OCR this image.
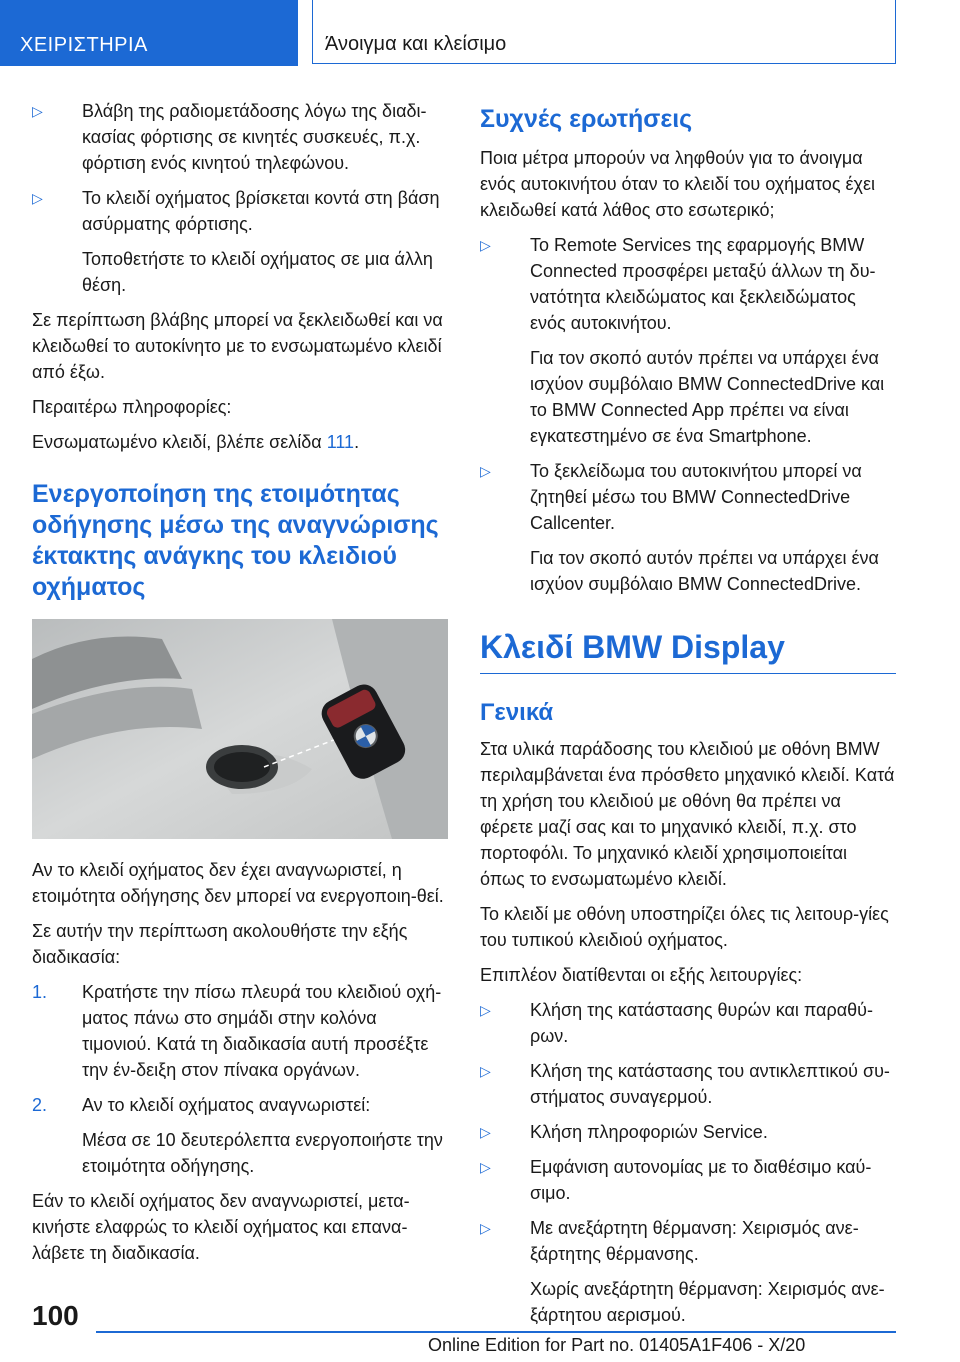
ΧΕΙΡΙΣΤΗΡΙΑ	Άνοιγμα και κλείσιμο
▷ Βλάβη της ραδιομετάδοσης λόγω της διαδι-κασίας φόρτισης σε κινητές συσκευές, π.χ. φόρτιση ενός κινητού τηλεφώνου.
▷ Το κλειδί οχήματος βρίσκεται κοντά στη βάση ασύρματης φόρτισης.
Τοποθετήστε το κλειδί οχήματος σε μια άλλη θέση.

Σε περίπτωση βλάβης μπορεί να ξεκλειδωθεί και να κλειδωθεί το αυτοκίνητο με το ενσωματωμένο κλειδί από έξω.

Περαιτέρω πληροφορίες:

Ενσωματωμένο κλειδί, βλέπε σελίδα 111.

Ενεργοποίηση της ετοιμότητας οδήγησης μέσω της αναγνώρισης έκτακτης ανάγκης του κλειδιού οχήματος

Αν το κλειδί οχήματος δεν έχει αναγνωριστεί, η ετοιμότητα οδήγησης δεν μπορεί να ενεργοποιη-θεί.

Σε αυτήν την περίπτωση ακολουθήστε την εξής διαδικασία:

1. Κρατήστε την πίσω πλευρά του κλειδιού οχή-ματος πάνω στο σημάδι στην κολόνα τιμονιού. Κατά τη διαδικασία αυτή προσέξτε την έν-δειξη στον πίνακα οργάνων.
2. Αν το κλειδί οχήματος αναγνωριστεί:
Μέσα σε 10 δευτερόλεπτα ενεργοποιήστε την ετοιμότητα οδήγησης.

Εάν το κλειδί οχήματος δεν αναγνωριστεί, μετα-κινήστε ελαφρώς το κλειδί οχήματος και επανα-λάβετε τη διαδικασία.

Συχνές ερωτήσεις

Ποια μέτρα μπορούν να ληφθούν για το άνοιγμα ενός αυτοκινήτου όταν το κλειδί του οχήματος έχει κλειδωθεί κατά λάθος στο εσωτερικό;

▷ Το Remote Services της εφαρμογής BMW Connected προσφέρει μεταξύ άλλων τη δυ-νατότητα κλειδώματος και ξεκλειδώματος ενός αυτοκινήτου.
Για τον σκοπό αυτόν πρέπει να υπάρχει ένα ισχύον συμβόλαιο BMW ConnectedDrive και το BMW Connected App πρέπει να είναι εγκατεστημένο σε ένα Smartphone.
▷ Το ξεκλείδωμα του αυτοκινήτου μπορεί να ζητηθεί μέσω του BMW ConnectedDrive Callcenter.
Για τον σκοπό αυτόν πρέπει να υπάρχει ένα ισχύον συμβόλαιο BMW ConnectedDrive.
Κλειδί BMW Display
Γενικά

Στα υλικά παράδοσης του κλειδιού με οθόνη BMW περιλαμβάνεται ένα πρόσθετο μηχανικό κλειδί. Κατά τη χρήση του κλειδιού με οθόνη θα πρέπει να φέρετε μαζί σας και το μηχανικό κλειδί, π.χ. στο πορτοφόλι. Το μηχανικό κλειδί χρησιμοποιείται όπως το ενσωματωμένο κλειδί.

Το κλειδί με οθόνη υποστηρίζει όλες τις λειτουρ-γίες του τυπικού κλειδιού οχήματος.

Επιπλέον διατίθενται οι εξής λειτουργίες:

▷ Κλήση της κατάστασης θυρών και παραθύ-ρων.
▷ Κλήση της κατάστασης του αντικλεπτικού συ-στήματος συναγερμού.
▷ Κλήση πληροφοριών Service.
▷ Εμφάνιση αυτονομίας με το διαθέσιμο καύ-σιμο.
▷ Με ανεξάρτητη θέρμανση: Χειρισμός ανε-ξάρτητης θέρμανσης.
Χωρίς ανεξάρτητη θέρμανση: Χειρισμός ανε-ξάρτητου αερισμού.
100
Online Edition for Part no. 01405A1F406 - X/20
